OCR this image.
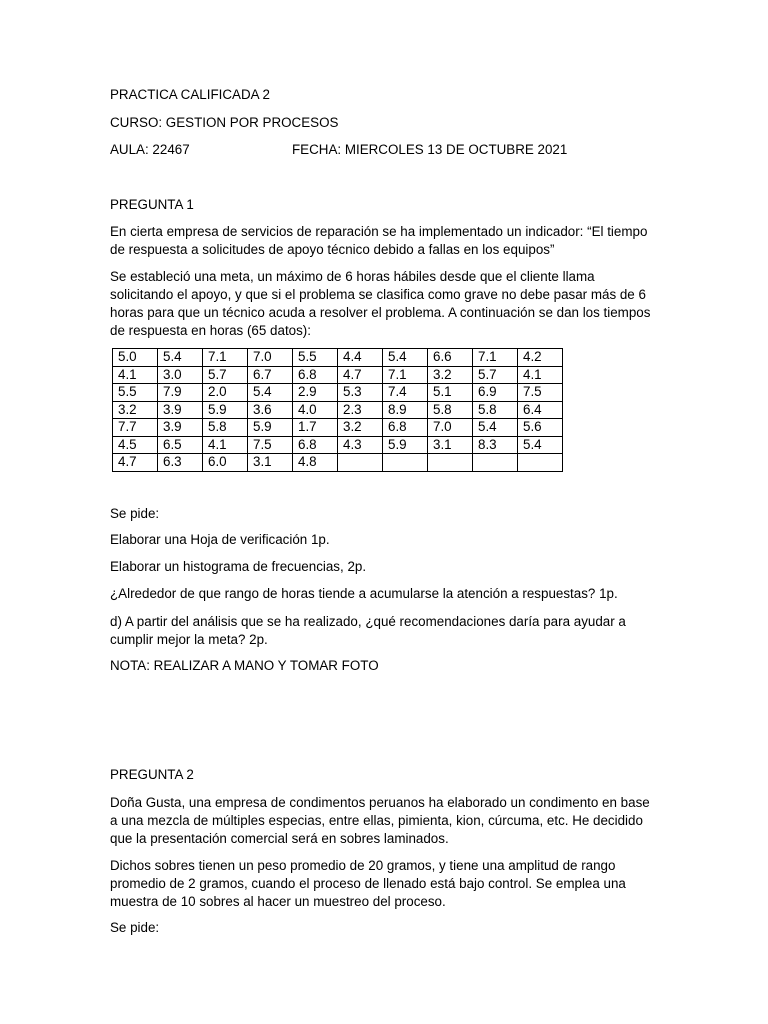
PRACTICA CALIFICADA 2

CURSO: GESTION POR PROCESOS

AULA: 22467	FECHA: MIERCOLES 13 DE OCTUBRE 2021

PREGUNTA 1

En cierta empresa de servicios de reparación se ha implementado un indicador: “El tiempo de respuesta a solicitudes de apoyo técnico debido a fallas en los equipos”

Se estableció una meta, un máximo de 6 horas hábiles desde que el cliente llama solicitando el apoyo, y que si el problema se clasifica como grave no debe pasar más de 6 horas para que un técnico acuda a resolver el problema. A continuación se dan los tiempos de respuesta en horas (65 datos):

5.0	5.4	7.1	7.0	5.5	4.4	5.4	6.6	7.1	4.2
4.1	3.0	5.7	6.7	6.8	4.7	7.1	3.2	5.7	4.1
5.5	7.9	2.0	5.4	2.9	5.3	7.4	5.1	6.9	7.5
3.2	3.9	5.9	3.6	4.0	2.3	8.9	5.8	5.8	6.4
7.7	3.9	5.8	5.9	1.7	3.2	6.8	7.0	5.4	5.6
4.5	6.5	4.1	7.5	6.8	4.3	5.9	3.1	8.3	5.4
4.7	6.3	6.0	3.1	4.8					

Se pide:

Elaborar una Hoja de verificación 1p.

Elaborar un histograma de frecuencias, 2p.

¿Alrededor de que rango de horas tiende a acumularse la atención a respuestas? 1p.

d) A partir del análisis que se ha realizado, ¿qué recomendaciones daría para ayudar a cumplir mejor la meta? 2p.

NOTA: REALIZAR A MANO Y TOMAR FOTO

PREGUNTA 2

Doña Gusta, una empresa de condimentos peruanos ha elaborado un condimento en base a una mezcla de múltiples especias, entre ellas, pimienta, kion, cúrcuma, etc. He decidido que la presentación comercial será en sobres laminados.

Dichos sobres tienen un peso promedio de 20 gramos, y tiene una amplitud de rango promedio de 2 gramos, cuando el proceso de llenado está bajo control. Se emplea una muestra de 10 sobres al hacer un muestreo del proceso.

Se pide:
